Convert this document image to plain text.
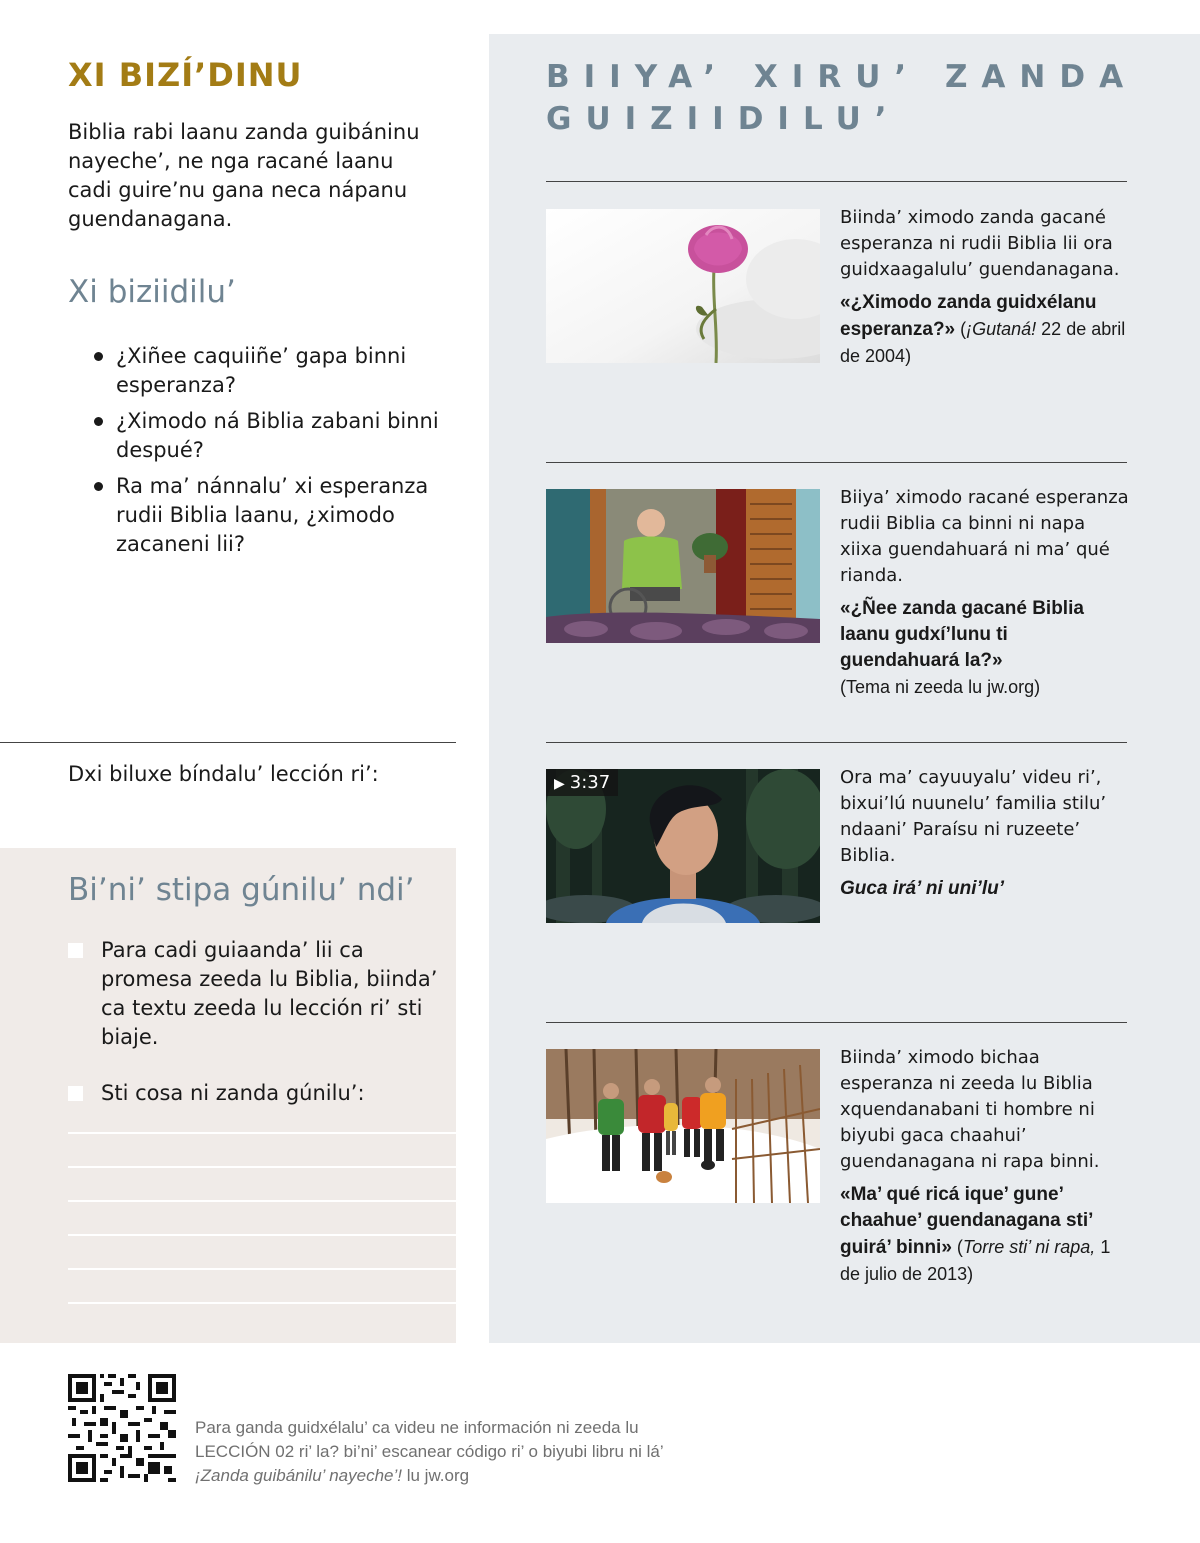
XI BIZÍ’DINU

Biblia rabi laanu zanda guibáninu nayeche’, ne nga racané laanu cadi guire’nu gana neca nápanu guendanagana.

Xi biziidilu’
¿Xiñee caquiiñe’ gapa binni esperanza?
¿Ximodo ná Biblia zabani binni despué?
Ra ma’ nánnalu’ xi esperanza rudii Biblia laanu, ¿ximodo zacaneni lii?

Dxi biluxe bíndalu’ lección ri’:

Bi’ni’ stipa gúnilu’ ndi’
Para cadi guiaanda’ lii ca promesa zeeda lu Biblia, biinda’ ca textu zeeda lu lección ri’ sti biaje.
Sti cosa ni zanda gúnilu’:
BIIYA’ XIRU’ ZANDA GUIZIIDILU’

Biinda’ ximodo zanda gacané esperanza ni rudii Biblia lii ora guidxaagalulu’ guendanagana.

«¿Ximodo zanda guidxélanu esperanza?» (¡Gutaná! 22 de abril de 2004)

Biiya’ ximodo racané esperanza rudii Biblia ca binni ni napa xiixa guendahuará ni ma’ qué rianda.

«¿Ñee zanda gacané Biblia laanu gudxí’lunu ti guendahuará la?»

(Tema ni zeeda lu jw.org)

▶ 3:37	Ora ma’ cayuuyalu’ videu ri’, bixui’lú nuunelu’ familia stilu’ ndaani’ Paraísu ni ruzeete’ Biblia.

Guca irá’ ni uni’lu’

Biinda’ ximodo bichaa esperanza ni zeeda lu Biblia xquendanabani ti hombre ni biyubi gaca chaahui’ guendanagana ni rapa binni.

«Ma’ qué ricá ique’ gune’ chaahue’ guendanagana sti’ guirá’ binni» (Torre sti’ ni rapa, 1 de julio de 2013)

Para ganda guidxélalu’ ca videu ne información ni zeeda lu LECCIÓN 02 ri’ la? bi’ni’ escanear código ri’ o biyubi libru ni lá’ ¡Zanda guibánilu’ nayeche’! lu jw.org
